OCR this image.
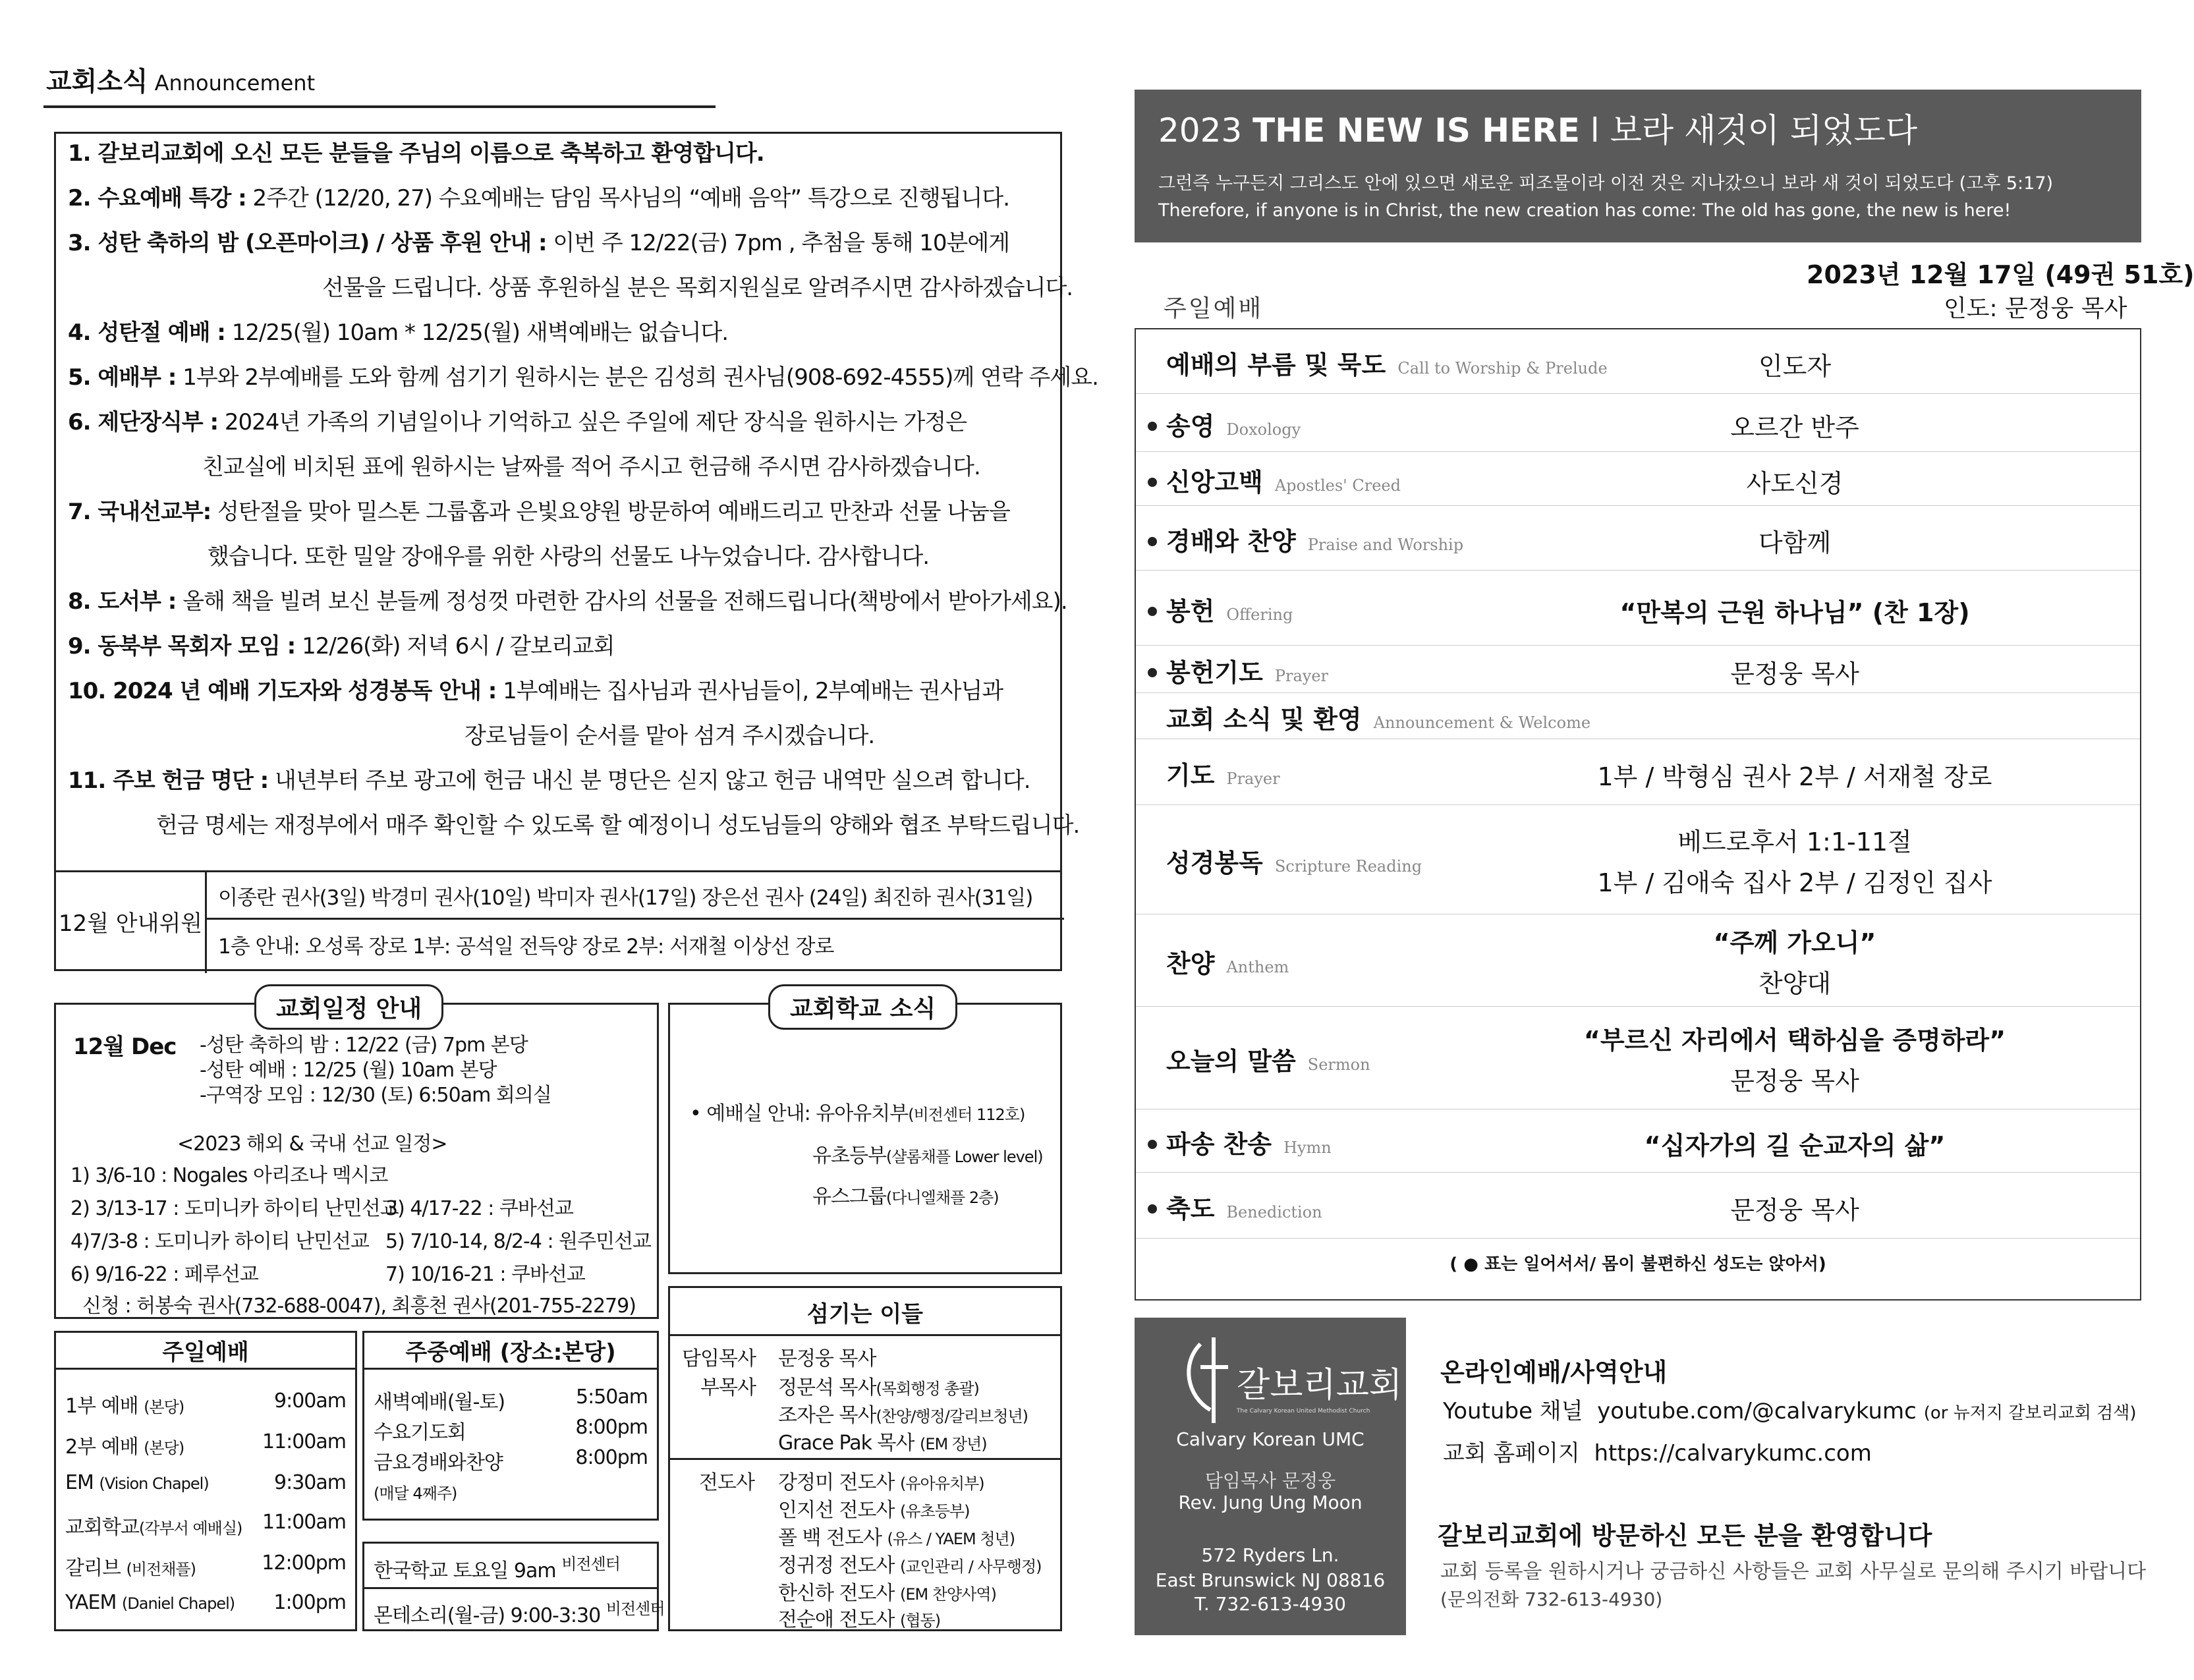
교회소식 Announcement
1. 갈보리교회에 오신 모든 분들을 주님의 이름으로 축복하고 환영합니다.
2. 수요예배 특강 : 2주간 (12/20, 27) 수요예배는 담임 목사님의 “예배 음악” 특강으로 진행됩니다.
3. 성탄 축하의 밤 (오픈마이크) / 상품 후원 안내 : 이번 주 12/22(금) 7pm , 추첨을 통해 10분에게
선물을 드립니다. 상품 후원하실 분은 목회지원실로 알려주시면 감사하겠습니다.
4. 성탄절 예배 : 12/25(월) 10am * 12/25(월) 새벽예배는 없습니다.
5. 예배부 : 1부와 2부예배를 도와 함께 섬기기 원하시는 분은 김성희 권사님(908-692-4555)께 연락 주세요.
6. 제단장식부 : 2024년 가족의 기념일이나 기억하고 싶은 주일에 제단 장식을 원하시는 가정은
친교실에 비치된 표에 원하시는 날짜를 적어 주시고 헌금해 주시면 감사하겠습니다.
7. 국내선교부: 성탄절을 맞아 밀스톤 그룹홈과 은빛요양원 방문하여 예배드리고 만찬과 선물 나눔을
했습니다. 또한 밀알 장애우를 위한 사랑의 선물도 나누었습니다. 감사합니다.
8. 도서부 : 올해 책을 빌려 보신 분들께 정성껏 마련한 감사의 선물을 전해드립니다(책방에서 받아가세요).
9. 동북부 목회자 모임 : 12/26(화) 저녁 6시 / 갈보리교회
10. 2024 년 예배 기도자와 성경봉독 안내 : 1부예배는 집사님과 권사님들이, 2부예배는 권사님과
장로님들이 순서를 맡아 섬겨 주시겠습니다.
11. 주보 헌금 명단 : 내년부터 주보 광고에 헌금 내신 분 명단은 싣지 않고 헌금 내역만 실으려 합니다.
헌금 명세는 재정부에서 매주 확인할 수 있도록 할 예정이니 성도님들의 양해와 협조 부탁드립니다.
12월 안내위원
이종란 권사(3일) 박경미 권사(10일) 박미자 권사(17일) 장은선 권사 (24일) 최진하 권사(31일)
1층 안내: 오성록 장로 1부: 공석일 전득양 장로 2부: 서재철 이상선 장로
12월 Dec -성탄 축하의 밤 : 12/22 (금) 7pm 본당
-성탄 예배 : 12/25 (월) 10am 본당
-구역장 모임 : 12/30 (토) 6:50am 회의실
<2023 해외 & 국내 선교 일정>
1) 3/6-10 : Nogales 아리조나 멕시코
2) 3/13-17 : 도미니카 하이티 난민선교
3) 4/17-22 : 쿠바선교
4)7/3-8 : 도미니카 하이티 난민선교 5) 7/10-14, 8/2-4 : 원주민선교
6) 9/16-22 : 페루선교	7) 10/16-21 : 쿠바선교
신청 : 허봉숙 권사(732-688-0047), 최흥천 권사(201-755-2279)
교회일정 안내
• 예배실 안내: 유아유치부(비전센터 112호)
유초등부(샬롬채플 Lower level)
유스그룹(다니엘채플 2층)
교회학교 소식
주일예배
1부 예배 (본당)	9:00am
2부 예배 (본당)	11:00am
EM (Vision Chapel)	9:30am
교회학교(각부서 예배실) 11:00am
갈리브 (비전채플)	12:00pm
YAEM (Daniel Chapel) 1:00pm
주중예배 (장소:본당)
새벽예배(월-토)	5:50am
수요기도회	8:00pm
금요경배와찬양	8:00pm
(매달 4째주)
한국학교 토요일 9am
비전센터
몬테소리(월-금) 9:00-3:30
비전센터
섬기는 이들
담임목사 문정웅 목사
부목사 정문석 목사(목회행정 총괄)
조자은 목사(찬양/행정/갈리브청년)
Grace Pak 목사 (EM 장년)
전도사 강정미 전도사 (유아유치부)
인지선 전도사 (유초등부)
폴 백 전도사 (유스 / YAEM 청년)
정귀정 전도사 (교인관리 / 사무행정)
한신하 전도사 (EM 찬양사역)
전순애 전도사 (협동)
2023 THE NEW IS HERE l 보라 새것이 되었도다
그런즉 누구든지 그리스도 안에 있으면 새로운 피조물이라 이전 것은 지나갔으니 보라 새 것이 되었도다 (고후 5:17)
Therefore, if anyone is in Christ, the new creation has come: The old has gone, the new is here!
2023년 12월 17일 (49권 51호)
주일예배	인도: 문정웅 목사
예배의 부름 및 묵도 Call to Worship & Prelude	인도자
송영 Doxology	오르간 반주
신앙고백 Apostles' Creed	사도신경
경배와 찬양 Praise and Worship	다함께
봉헌 Offering	“만복의 근원 하나님” (찬 1장)
봉헌기도 Prayer	문정웅 목사
교회 소식 및 환영 Announcement & Welcome
기도 Prayer	1부 / 박형심 권사 2부 / 서재철 장로
성경봉독 Scripture Reading
베드로후서 1:1-11절
1부 / 김애숙 집사 2부 / 김정인 집사
찬양 Anthem
“주께 가오니”
찬양대
오늘의 말씀 Sermon
“부르신 자리에서 택하심을 증명하라”
문정웅 목사
파송 찬송 Hymn	“십자가의 길 순교자의 삶”
축도 Benediction	문정웅 목사
( ● 표는 일어서서/ 몸이 불편하신 성도는 앉아서)
갈보리교회
The Calvary Korean United Methodist Church
Calvary Korean UMC
담임목사 문정웅
Rev. Jung Ung Moon
572 Ryders Ln.
East Brunswick NJ 08816
T. 732-613-4930
온라인예배/사역안내
Youtube 채널 youtube.com/@calvarykumc (or 뉴저지 갈보리교회 검색)
교회 홈페이지 https://calvarykumc.com
갈보리교회에 방문하신 모든 분을 환영합니다
교회 등록을 원하시거나 궁금하신 사항들은 교회 사무실로 문의해 주시기 바랍니다
(문의전화 732-613-4930)
